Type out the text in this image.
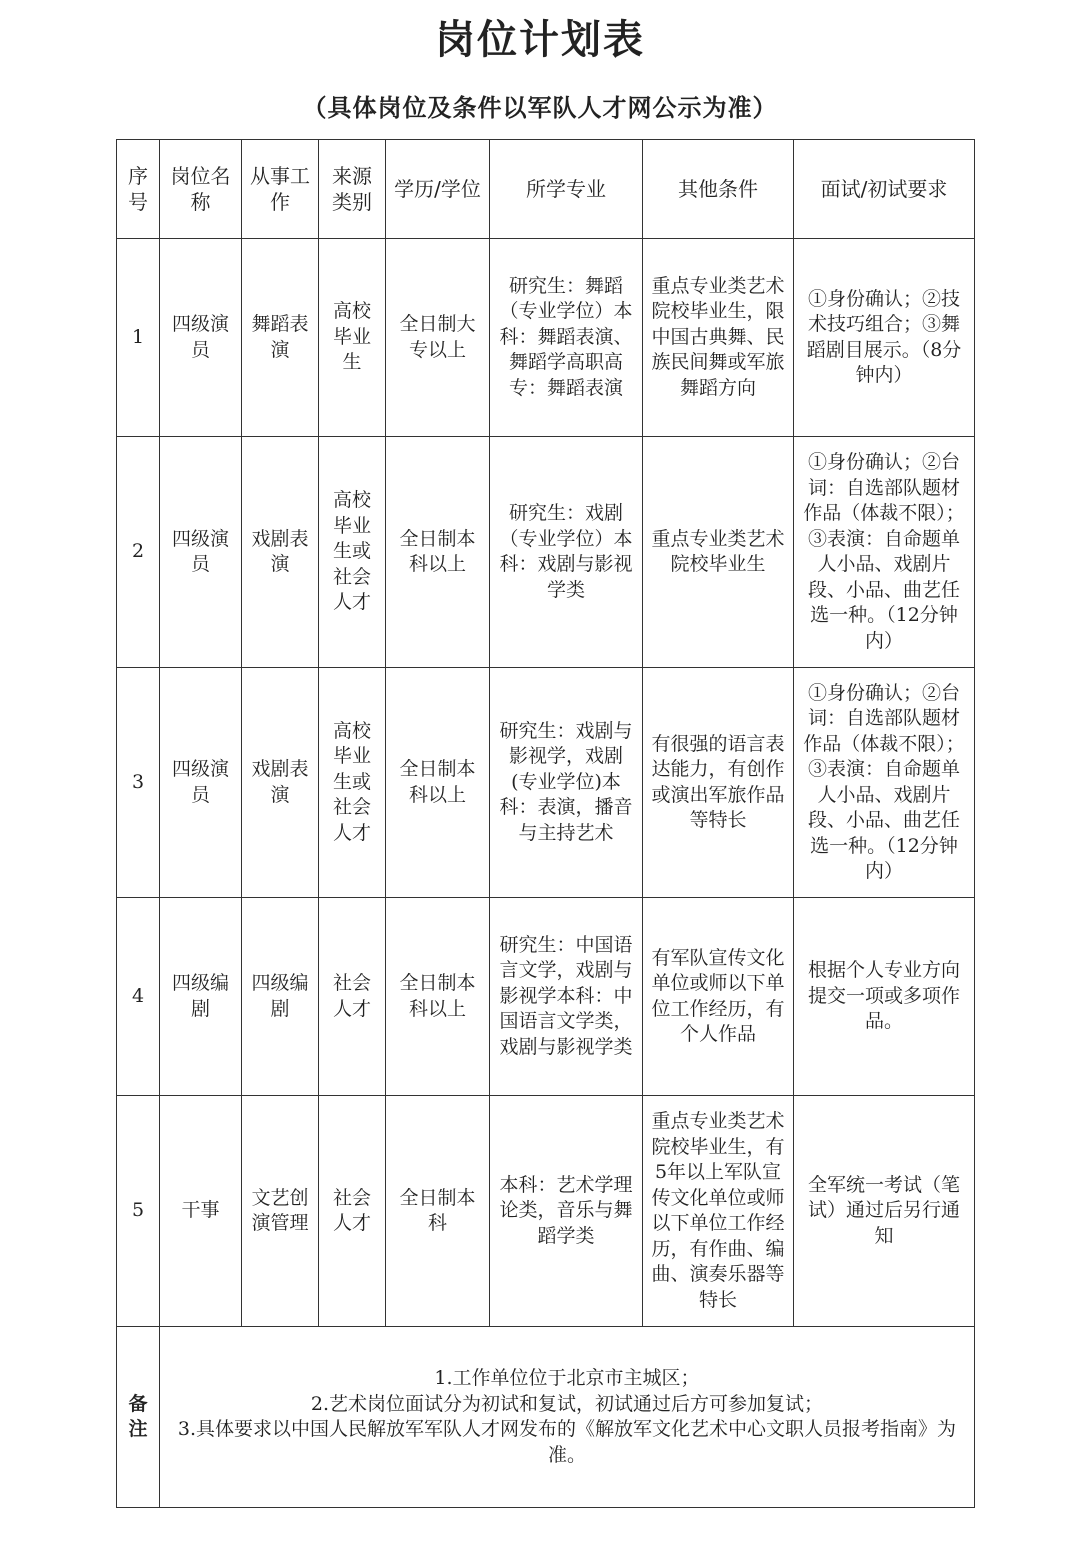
岗位计划表
（具体岗位及条件以军队人才网公示为准）
序号	岗位名称	从事工作	来源类别	学历/学位	所学专业	其他条件	面试/初试要求
1	四级演员	舞蹈表演	高校毕业生	全日制大专以上	研究生：舞蹈（专业学位）本科：舞蹈表演、舞蹈学高职高专：舞蹈表演	重点专业类艺术院校毕业生，限中国古典舞、民族民间舞或军旅舞蹈方向	①身份确认；②技术技巧组合；③舞蹈剧目展示。（8分钟内）
2	四级演员	戏剧表演	高校毕业生或社会人才	全日制本科以上	研究生：戏剧（专业学位）本科：戏剧与影视学类	重点专业类艺术院校毕业生	①身份确认；②台词：自选部队题材作品（体裁不限）；③表演：自命题单人小品、戏剧片段、小品、曲艺任选一种。（12分钟内）
3	四级演员	戏剧表演	高校毕业生或社会人才	全日制本科以上	研究生：戏剧与影视学，戏剧(专业学位)本科：表演，播音与主持艺术	有很强的语言表达能力，有创作或演出军旅作品等特长	①身份确认；②台词：自选部队题材作品（体裁不限）；③表演：自命题单人小品、戏剧片段、小品、曲艺任选一种。（12分钟内）
4	四级编剧	四级编剧	社会人才	全日制本科以上	研究生：中国语言文学，戏剧与影视学本科：中国语言文学类，戏剧与影视学类	有军队宣传文化单位或师以下单位工作经历，有个人作品	根据个人专业方向提交一项或多项作品。
5	干事	文艺创演管理	社会人才	全日制本科	本科：艺术学理论类，音乐与舞蹈学类	重点专业类艺术院校毕业生，有5年以上军队宣传文化单位或师以下单位工作经历，有作曲、编曲、演奏乐器等特长	全军统一考试（笔试）通过后另行通知
备注	1.工作单位位于北京市主城区；
2.艺术岗位面试分为初试和复试，初试通过后方可参加复试；
3.具体要求以中国人民解放军军队人才网发布的《解放军文化艺术中心文职人员报考指南》为准。						
